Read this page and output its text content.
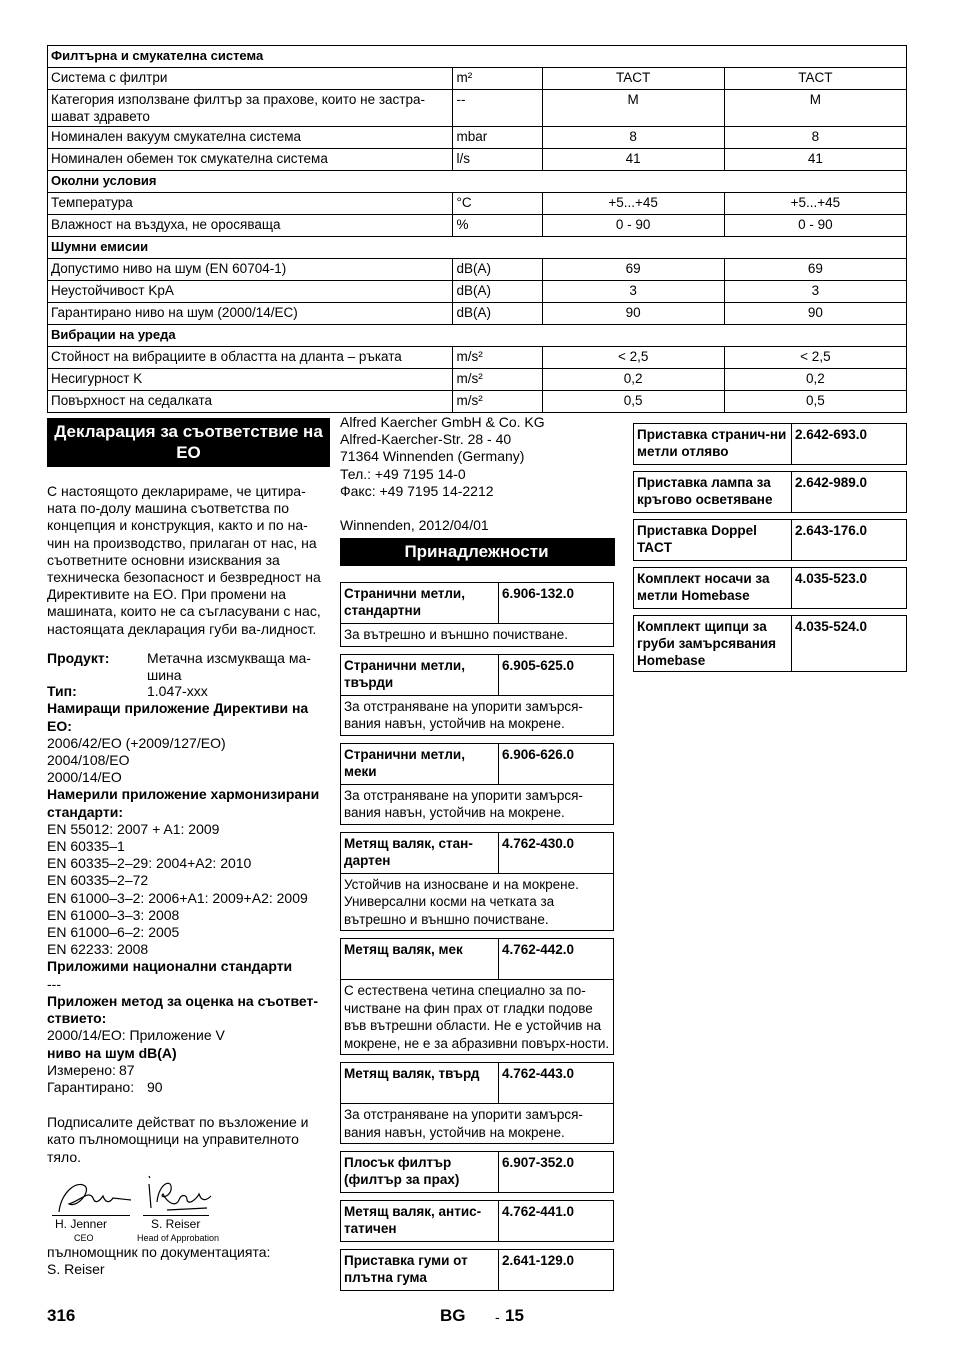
Филтърна и смукателна система			
Система с филтри	m²	TACT	TACT
Категория използване филтър за прахове, които не застра-шават здравето	--	M	M
Номинален вакуум смукателна система	mbar	8	8
Номинален обемен ток смукателна система	l/s	41	41
Околни условия			
Температура	°C	+5...+45	+5...+45
Влажност на въздуха, не оросяваща	%	0 - 90	0 - 90
Шумни емисии			
Допустимо ниво на шум (EN 60704-1)	dB(A)	69	69
Неустойчивост KpA	dB(A)	3	3
Гарантирано ниво на шум (2000/14/EC)	dB(A)	90	90
Вибрации на уреда			
Стойност на вибрациите в областта на дланта – ръката	m/s²	< 2,5	< 2,5
Несигурност K	m/s²	0,2	0,2
Повърхност на седалката	m/s²	0,5	0,5
Декларация за съответствие на ЕО

С настоящото декларираме, че цитира-ната по-долу машина съответства по концепция и конструкция, както и по на-чин на производство, прилаган от нас, на съответните основни изисквания за техническа безопасност и безвредност на Директивите на ЕО. При промени на машината, които не са съгласувани с нас, настоящата декларация губи ва-лидност.

Продукт:	Метачна изсмукваща ма-шина
Тип:	1.047-xxx
Намиращи приложение Директиви на ЕО:
2006/42/EO (+2009/127/EO)
2004/108/EO
2000/14/EO
Намерили приложение хармонизирани стандарти:
EN 55012: 2007 + A1: 2009
EN 60335–1
EN 60335–2–29: 2004+A2: 2010
EN 60335–2–72
EN 61000–3–2: 2006+A1: 2009+A2: 2009
EN 61000–3–3: 2008
EN 61000–6–2: 2005
EN 62233: 2008
Приложими национални стандарти
---
Приложен метод за оценка на съответ-ствието:
2000/14/EO: Приложение V
ниво на шум dB(A)
Измерено: 87
Гарантирано: 90

Подписалите действат по възложение и като пълномощници на управителното тяло.

H. Jenner
CEO
S. Reiser
Head of Approbation
пълномощник по документацията:
S. Reiser
Alfred Kaercher GmbH & Co. KG
Alfred-Kaercher-Str. 28 - 40
71364 Winnenden (Germany)
Тел.: +49 7195 14-0
Факс: +49 7195 14-2212
Winnenden, 2012/04/01
Принадлежности
Странични метли, стандартни	6.906-132.0
За вътрешно и външно почистване.
Странични метли, твърди	6.905-625.0
За отстраняване на упорити замърся-вания навън, устойчив на мокрене.
Странични метли, меки	6.906-626.0
За отстраняване на упорити замърся-вания навън, устойчив на мокрене.
Метящ валяк, стан-дартен	4.762-430.0
Устойчив на износване и на мокрене. Универсални косми на четката за вътрешно и външно почистване.
Метящ валяк, мек	4.762-442.0
С естествена четина специално за по-чистване на фин прах от гладки подове във вътрешни области. Не е устойчив на мокрене, не е за абразивни повърх-ности.
Метящ валяк, твърд	4.762-443.0
За отстраняване на упорити замърся-вания навън, устойчив на мокрене.
Плосък филтър (филтър за прах)	6.907-352.0
Метящ валяк, антис-татичен	4.762-441.0
Приставка гуми от плътна гума	2.641-129.0
Приставка странич-ни метли отляво	2.642-693.0
Приставка лампа за кръгово осветяване	2.642-989.0
Приставка Doppel TACT	2.643-176.0
Комплект носачи за метли Homebase	4.035-523.0
Комплект щипци за груби замърсявания Homebase	4.035-524.0
316	BG - 15
